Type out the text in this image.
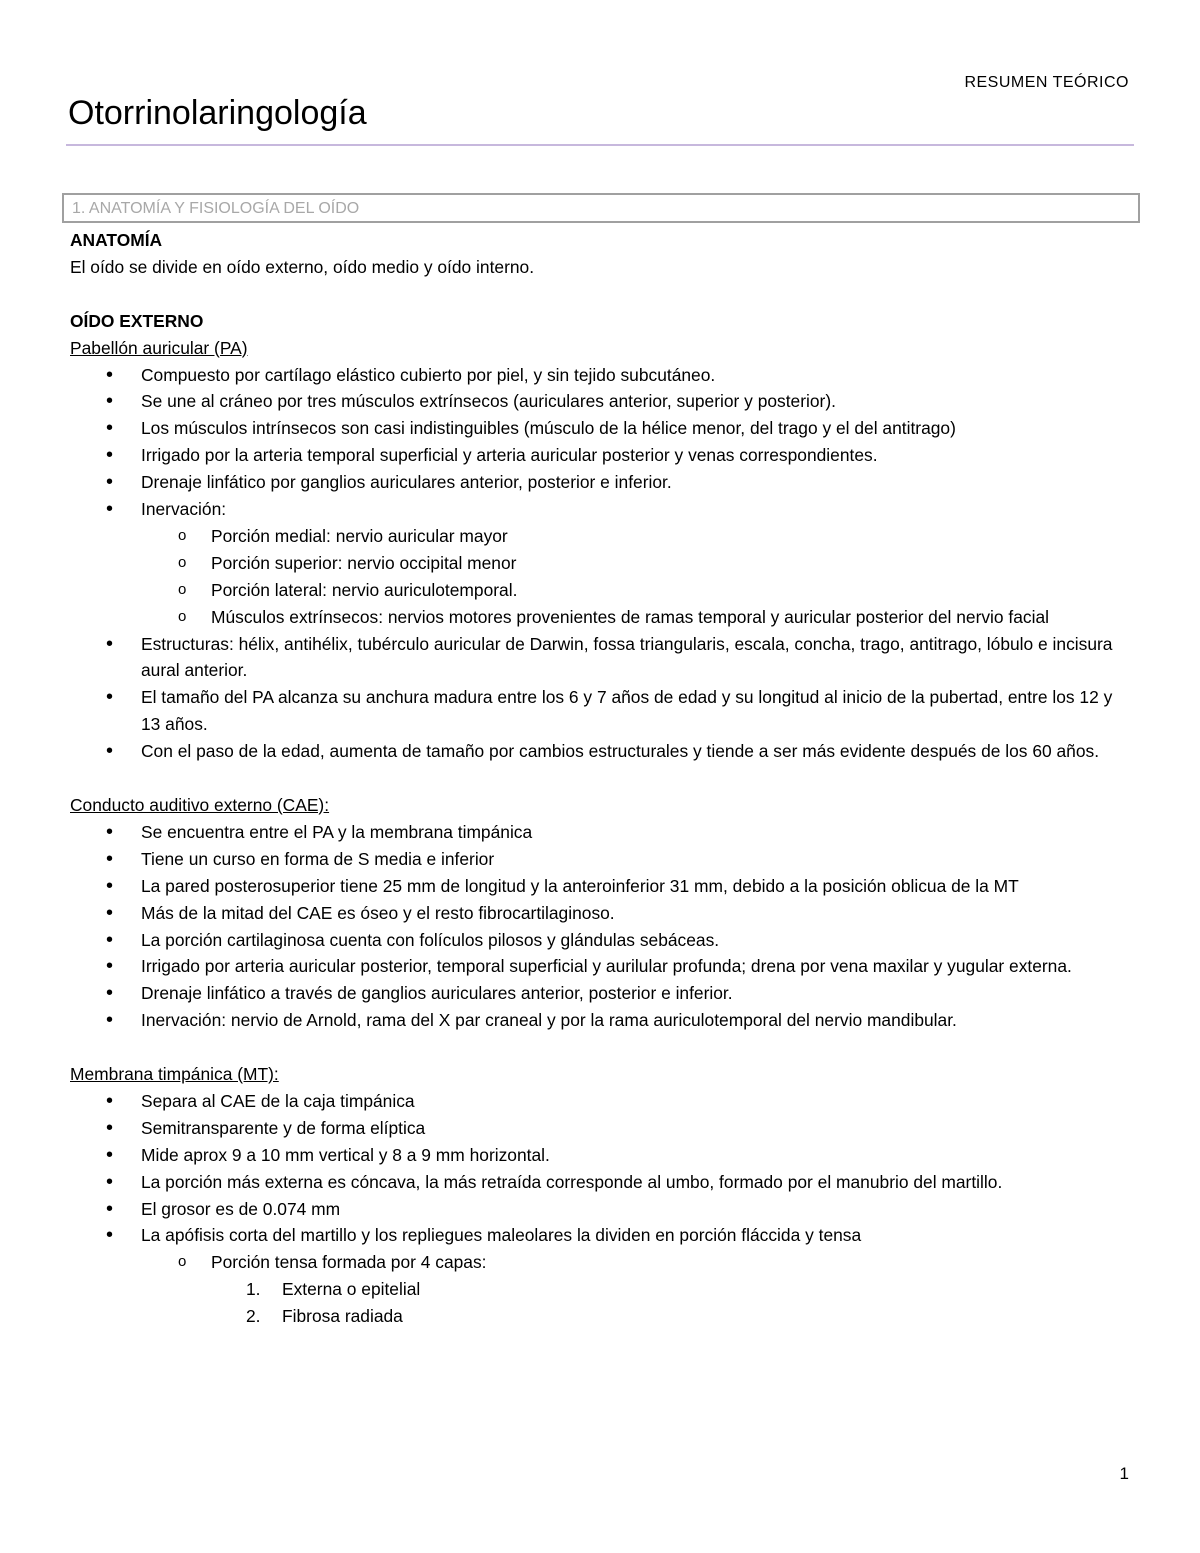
RESUMEN TEÓRICO
Otorrinolaringología
1. ANATOMÍA Y FISIOLOGÍA DEL OÍDO

ANATOMÍA

El oído se divide en oído externo, oído medio y oído interno.

OÍDO EXTERNO

Pabellón auricular (PA)

• Compuesto por cartílago elástico cubierto por piel, y sin tejido subcutáneo.
• Se une al cráneo por tres músculos extrínsecos (auriculares anterior, superior y posterior).
• Los músculos intrínsecos son casi indistinguibles (músculo de la hélice menor, del trago y el del antitrago)
• Irrigado por la arteria temporal superficial y arteria auricular posterior y venas correspondientes.
• Drenaje linfático por ganglios auriculares anterior, posterior e inferior.
• Inervación:
o Porción medial: nervio auricular mayor
o Porción superior: nervio occipital menor
o Porción lateral: nervio auriculotemporal.
o Músculos extrínsecos: nervios motores provenientes de ramas temporal y auricular posterior del nervio facial
• Estructuras: hélix, antihélix, tubérculo auricular de Darwin, fossa triangularis, escala, concha, trago, antitrago, lóbulo e incisura aural anterior.
• El tamaño del PA alcanza su anchura madura entre los 6 y 7 años de edad y su longitud al inicio de la pubertad, entre los 12 y 13 años.
• Con el paso de la edad, aumenta de tamaño por cambios estructurales y tiende a ser más evidente después de los 60 años.

Conducto auditivo externo (CAE):

• Se encuentra entre el PA y la membrana timpánica
• Tiene un curso en forma de S media e inferior
• La pared posterosuperior tiene 25 mm de longitud y la anteroinferior 31 mm, debido a la posición oblicua de la MT
• Más de la mitad del CAE es óseo y el resto fibrocartilaginoso.
• La porción cartilaginosa cuenta con folículos pilosos y glándulas sebáceas.
• Irrigado por arteria auricular posterior, temporal superficial y aurilular profunda; drena por vena maxilar y yugular externa.
• Drenaje linfático a través de ganglios auriculares anterior, posterior e inferior.
• Inervación: nervio de Arnold, rama del X par craneal y por la rama auriculotemporal del nervio mandibular.

Membrana timpánica (MT):

• Separa al CAE de la caja timpánica
• Semitransparente y de forma elíptica
• Mide aprox 9 a 10 mm vertical y 8 a 9 mm horizontal.
• La porción más externa es cóncava, la más retraída corresponde al umbo, formado por el manubrio del martillo.
• El grosor es de 0.074 mm
• La apófisis corta del martillo y los repliegues maleolares la dividen en porción fláccida y tensa
o Porción tensa formada por 4 capas:
1. Externa o epitelial
2. Fibrosa radiada
1
